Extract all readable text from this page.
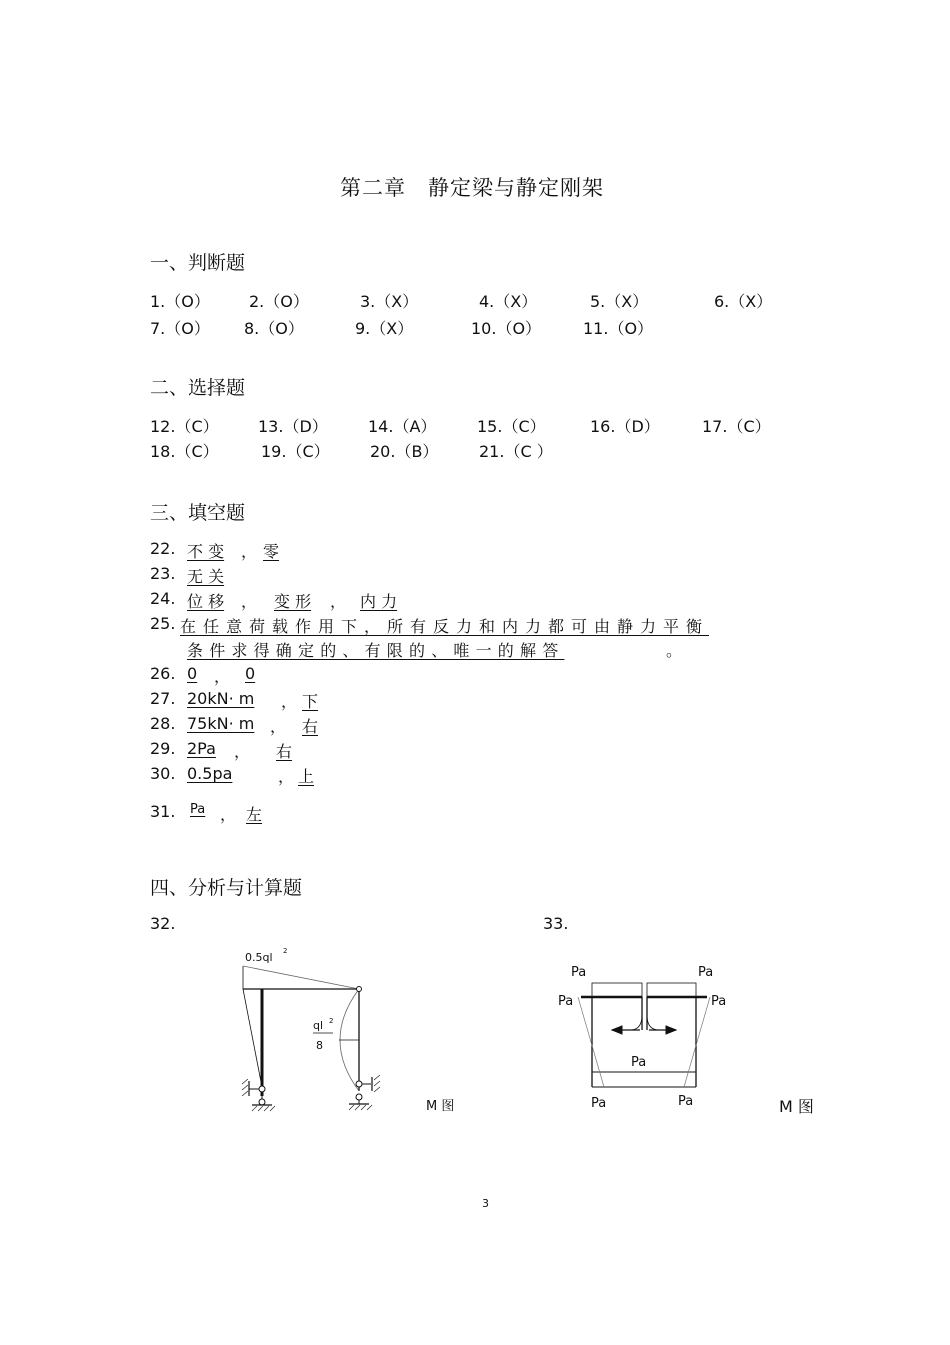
第二章　静定梁与静定刚架
一、判断题
1.（O） 2.（O）	3.（X）	4.（X）	5.（X）	6.（X）
7.（O） 8.（O）	9.（X）	10.（O）	11.（O）
二、选择题
12.（C） 13.（D）	14.（A）	15.（C）	16.（D）	17.（C）
18.（C）	19.（C）	20.（B）	21.（C ）
三、填空题
22. 不 变 ， 零
23. 无 关
24. 位 移 ， 变 形 ， 内 力
25. 在任意荷载作用下，所有反力和内力都可由静力平衡
条件求得确定的、有限的、唯一的解答	。
26. 0 ， 0
27. 20kN· m ， 下
28. 75kN· m ， 右
29. 2Pa ， 右
30. 0.5pa	， 上
31. Pa ， 左
四、分析与计算题
32.	33.
0.5ql 2
ql 2
8
M 图
Pa	Pa
Pa	Pa
Pa
Pa	Pa	M 图
3
